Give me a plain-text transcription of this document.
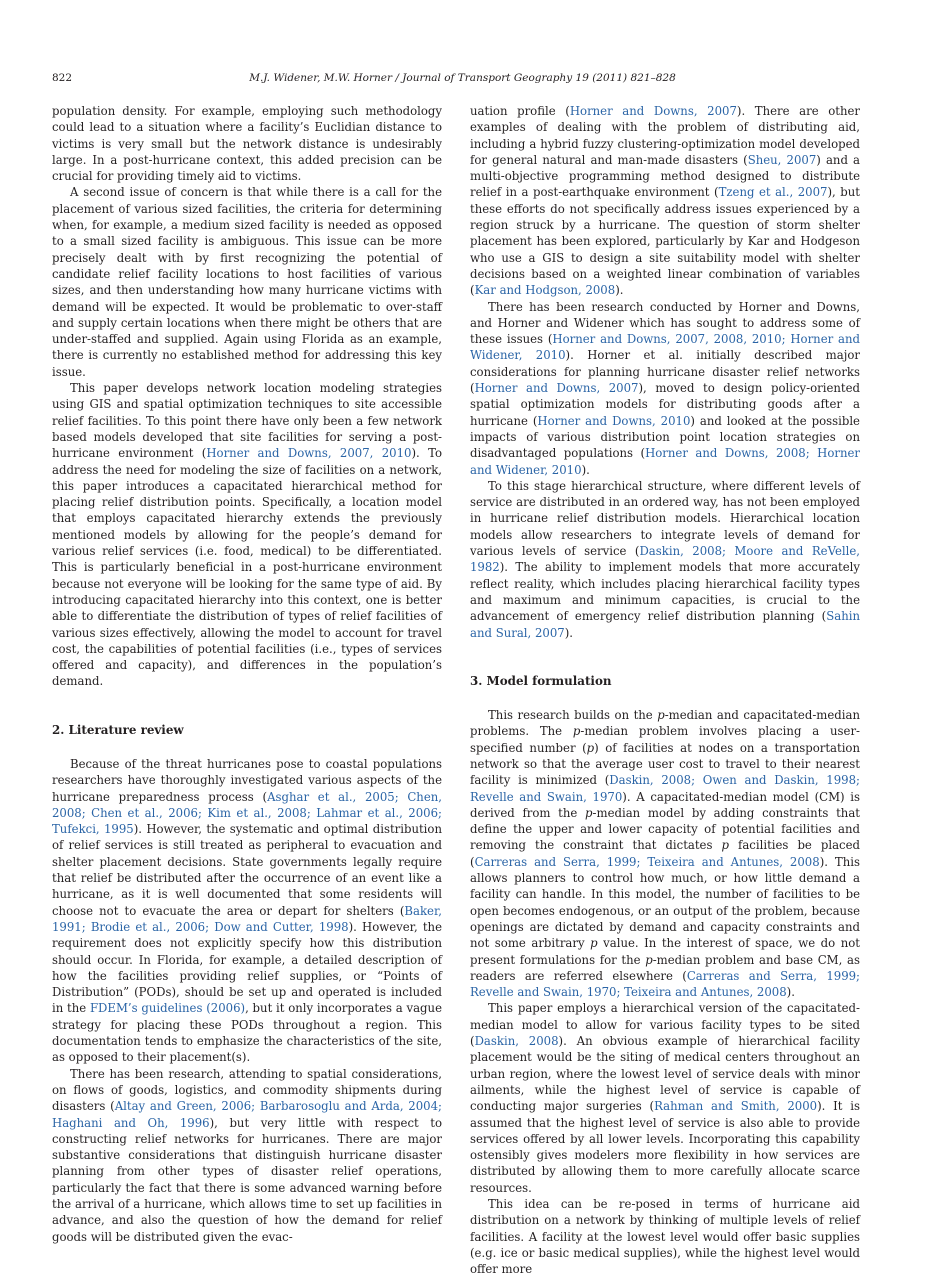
822	M.J. Widener, M.W. Horner / Journal of Transport Geography 19 (2011) 821–828

population density. For example, employing such methodology could lead to a situation where a facility’s Euclidian distance to victims is very small but the network distance is undesirably large. In a post-hurricane context, this added precision can be crucial for providing timely aid to victims.

A second issue of concern is that while there is a call for the placement of various sized facilities, the criteria for determining when, for example, a medium sized facility is needed as opposed to a small sized facility is ambiguous. This issue can be more precisely dealt with by first recognizing the potential of candidate relief facility locations to host facilities of various sizes, and then understanding how many hurricane victims with demand will be expected. It would be problematic to over-staff and supply certain locations when there might be others that are under-staffed and supplied. Again using Florida as an example, there is currently no established method for addressing this key issue.

This paper develops network location modeling strategies using GIS and spatial optimization techniques to site accessible relief facilities. To this point there have only been a few network based models developed that site facilities for serving a post-hurricane environment (Horner and Downs, 2007, 2010). To address the need for modeling the size of facilities on a network, this paper introduces a capacitated hierarchical method for placing relief distribution points. Specifically, a location model that employs capacitated hierarchy extends the previously mentioned models by allowing for the people’s demand for various relief services (i.e. food, medical) to be differentiated. This is particularly beneficial in a post-hurricane environment because not everyone will be looking for the same type of aid. By introducing capacitated hierarchy into this context, one is better able to differentiate the distribution of types of relief facilities of various sizes effectively, allowing the model to account for travel cost, the capabilities of potential facilities (i.e., types of services offered and capacity), and differences in the population’s demand.

2. Literature review

Because of the threat hurricanes pose to coastal populations researchers have thoroughly investigated various aspects of the hurricane preparedness process (Asghar et al., 2005; Chen, 2008; Chen et al., 2006; Kim et al., 2008; Lahmar et al., 2006; Tufekci, 1995). However, the systematic and optimal distribution of relief services is still treated as peripheral to evacuation and shelter placement decisions. State governments legally require that relief be distributed after the occurrence of an event like a hurricane, as it is well documented that some residents will choose not to evacuate the area or depart for shelters (Baker, 1991; Brodie et al., 2006; Dow and Cutter, 1998). However, the requirement does not explicitly specify how this distribution should occur. In Florida, for example, a detailed description of how the facilities providing relief supplies, or “Points of Distribution” (PODs), should be set up and operated is included in the FDEM’s guidelines (2006), but it only incorporates a vague strategy for placing these PODs throughout a region. This documentation tends to emphasize the characteristics of the site, as opposed to their placement(s).

There has been research, attending to spatial considerations, on flows of goods, logistics, and commodity shipments during disasters (Altay and Green, 2006; Barbarosoglu and Arda, 2004; Haghani and Oh, 1996), but very little with respect to constructing relief networks for hurricanes. There are major substantive considerations that distinguish hurricane disaster planning from other types of disaster relief operations, particularly the fact that there is some advanced warning before the arrival of a hurricane, which allows time to set up facilities in advance, and also the question of how the demand for relief goods will be distributed given the evac-

uation profile (Horner and Downs, 2007). There are other examples of dealing with the problem of distributing aid, including a hybrid fuzzy clustering-optimization model developed for general natural and man-made disasters (Sheu, 2007) and a multi-objective programming method designed to distribute relief in a post-earthquake environment (Tzeng et al., 2007), but these efforts do not specifically address issues experienced by a region struck by a hurricane. The question of storm shelter placement has been explored, particularly by Kar and Hodgeson who use a GIS to design a site suitability model with shelter decisions based on a weighted linear combination of variables (Kar and Hodgson, 2008).

There has been research conducted by Horner and Downs, and Horner and Widener which has sought to address some of these issues (Horner and Downs, 2007, 2008, 2010; Horner and Widener, 2010). Horner et al. initially described major considerations for planning hurricane disaster relief networks (Horner and Downs, 2007), moved to design policy-oriented spatial optimization models for distributing goods after a hurricane (Horner and Downs, 2010) and looked at the possible impacts of various distribution point location strategies on disadvantaged populations (Horner and Downs, 2008; Horner and Widener, 2010).

To this stage hierarchical structure, where different levels of service are distributed in an ordered way, has not been employed in hurricane relief distribution models. Hierarchical location models allow researchers to integrate levels of demand for various levels of service (Daskin, 2008; Moore and ReVelle, 1982). The ability to implement models that more accurately reflect reality, which includes placing hierarchical facility types and maximum and minimum capacities, is crucial to the advancement of emergency relief distribution planning (Sahin and Sural, 2007).

3. Model formulation

This research builds on the p-median and capacitated-median problems. The p-median problem involves placing a user-specified number (p) of facilities at nodes on a transportation network so that the average user cost to travel to their nearest facility is minimized (Daskin, 2008; Owen and Daskin, 1998; Revelle and Swain, 1970). A capacitated-median model (CM) is derived from the p-median model by adding constraints that define the upper and lower capacity of potential facilities and removing the constraint that dictates p facilities be placed (Carreras and Serra, 1999; Teixeira and Antunes, 2008). This allows planners to control how much, or how little demand a facility can handle. In this model, the number of facilities to be open becomes endogenous, or an output of the problem, because openings are dictated by demand and capacity constraints and not some arbitrary p value. In the interest of space, we do not present formulations for the p-median problem and base CM, as readers are referred elsewhere (Carreras and Serra, 1999; Revelle and Swain, 1970; Teixeira and Antunes, 2008).

This paper employs a hierarchical version of the capacitated-median model to allow for various facility types to be sited (Daskin, 2008). An obvious example of hierarchical facility placement would be the siting of medical centers throughout an urban region, where the lowest level of service deals with minor ailments, while the highest level of service is capable of conducting major surgeries (Rahman and Smith, 2000). It is assumed that the highest level of service is also able to provide services offered by all lower levels. Incorporating this capability ostensibly gives modelers more flexibility in how services are distributed by allowing them to more carefully allocate scarce resources.

This idea can be re-posed in terms of hurricane aid distribution on a network by thinking of multiple levels of relief facilities. A facility at the lowest level would offer basic supplies (e.g. ice or basic medical supplies), while the highest level would offer more
